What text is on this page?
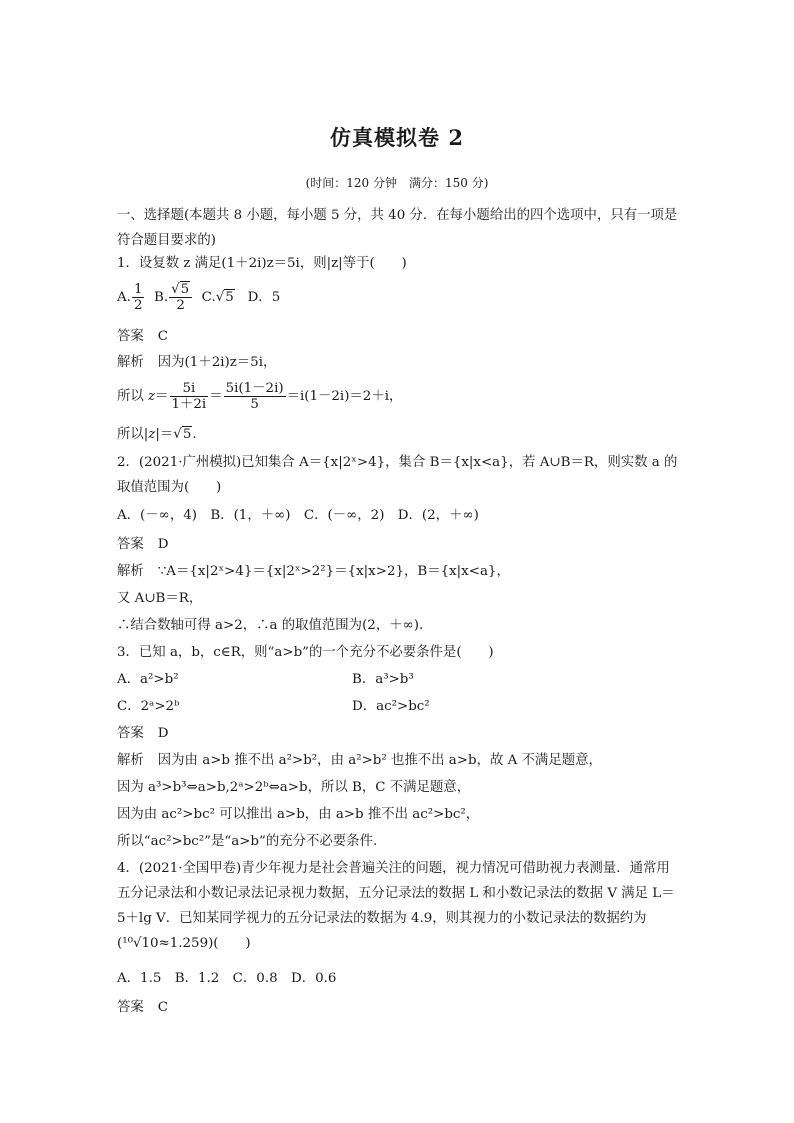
仿真模拟卷 2
(时间：120 分钟　满分：150 分)
一、选择题(本题共 8 小题，每小题 5 分，共 40 分．在每小题给出的四个选项中，只有一项是符合题目要求的)
1．设复数 z 满足(1＋2i)z＝5i，则|z|等于(　　)
A. $\frac{1}{2} B$. $\frac{√5}{2} C.√5$   D．5
答案 C
解析 因为(1＋2i)z＝5i，
所以 $z= \frac{5i}{1+2i} = \frac{5i(1-2i)}{5} =i(1-2i)=2+i$，
所以|z|＝√5.
2．(2021·广州模拟)已知集合 A＝{x|2ˣ>4}，集合 B＝{x|x<a}，若 A∪B＝R，则实数 a 的取值范围为(　　)
A．(－∞，4)　B．(1，＋∞)　C．(－∞，2)　D．(2，＋∞)
答案 D
解析 ∵A＝{x|2ˣ>4}＝{x|2ˣ>2²}＝{x|x>2}，B＝{x|x<a}，
又 A∪B＝R，
∴结合数轴可得 a>2，∴a 的取值范围为(2，＋∞).
3．已知 a，b，c∈R，则“a>b”的一个充分不必要条件是(　　)
A．a²>b²	B．a³>b³
C．2ᵃ>2ᵇ	D．ac²>bc²
答案 D
解析 因为由 a>b 推不出 a²>b²，由 a²>b² 也推不出 a>b，故 A 不满足题意，
因为 a³>b³⇔a>b,2ᵃ>2ᵇ⇔a>b，所以 B，C 不满足题意，
因为由 ac²>bc² 可以推出 a>b，由 a>b 推不出 ac²>bc²，
所以“ac²>bc²”是“a>b”的充分不必要条件.
4．(2021·全国甲卷)青少年视力是社会普遍关注的问题，视力情况可借助视力表测量．通常用五分记录法和小数记录法记录视力数据，五分记录法的数据 L 和小数记录法的数据 V 满足 L＝5＋lg V．已知某同学视力的五分记录法的数据为 4.9，则其视力的小数记录法的数据约为(¹⁰√10≈1.259)(　　)
A．1.5　B．1.2　C．0.8　D．0.6
答案 C
